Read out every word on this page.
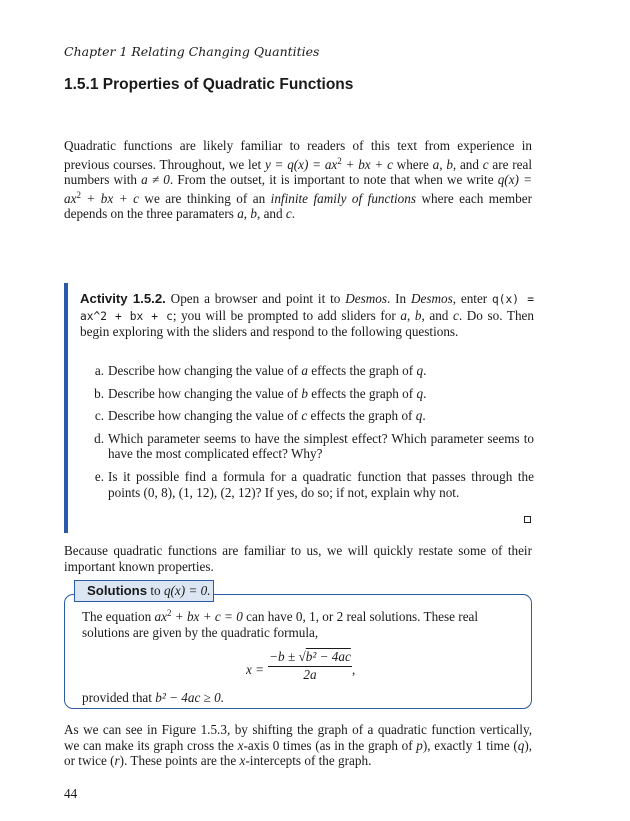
Chapter 1 Relating Changing Quantities
1.5.1 Properties of Quadratic Functions
Quadratic functions are likely familiar to readers of this text from experience in previous courses. Throughout, we let $y = q(x) = ax^2$ + bx + c where a, b, and c are real numbers with a ≠ 0. From the outset, it is important to note that when we write $q(x) = ax^2$ + bx + c we are thinking of an infinite family of functions where each member depends on the three paramaters a, b, and c.
Activity 1.5.2. Open a browser and point it to Desmos. In Desmos, enter q(x) = ax^2 + bx + c; you will be prompted to add sliders for a, b, and c. Do so. Then begin exploring with the sliders and respond to the following questions.
a. Describe how changing the value of a effects the graph of q.
b. Describe how changing the value of b effects the graph of q.
c. Describe how changing the value of c effects the graph of q.
d. Which parameter seems to have the simplest effect? Which parameter seems to have the most complicated effect? Why?
e. Is it possible find a formula for a quadratic function that passes through the points (0, 8), (1, 12), (2, 12)? If yes, do so; if not, explain why not.
Because quadratic functions are familiar to us, we will quickly restate some of their important known properties.
Solutions to q(x) = 0.
The equation $ax^2$ + bx + c = 0 can have 0, 1, or 2 real solutions. These real solutions are given by the quadratic formula,
x =
−b ± √b² − 4ac
2a	,
provided that b² − 4ac ≥ 0.
As we can see in Figure 1.5.3, by shifting the graph of a quadratic function vertically, we can make its graph cross the x-axis 0 times (as in the graph of p), exactly 1 time (q), or twice (r). These points are the x-intercepts of the graph.
44
